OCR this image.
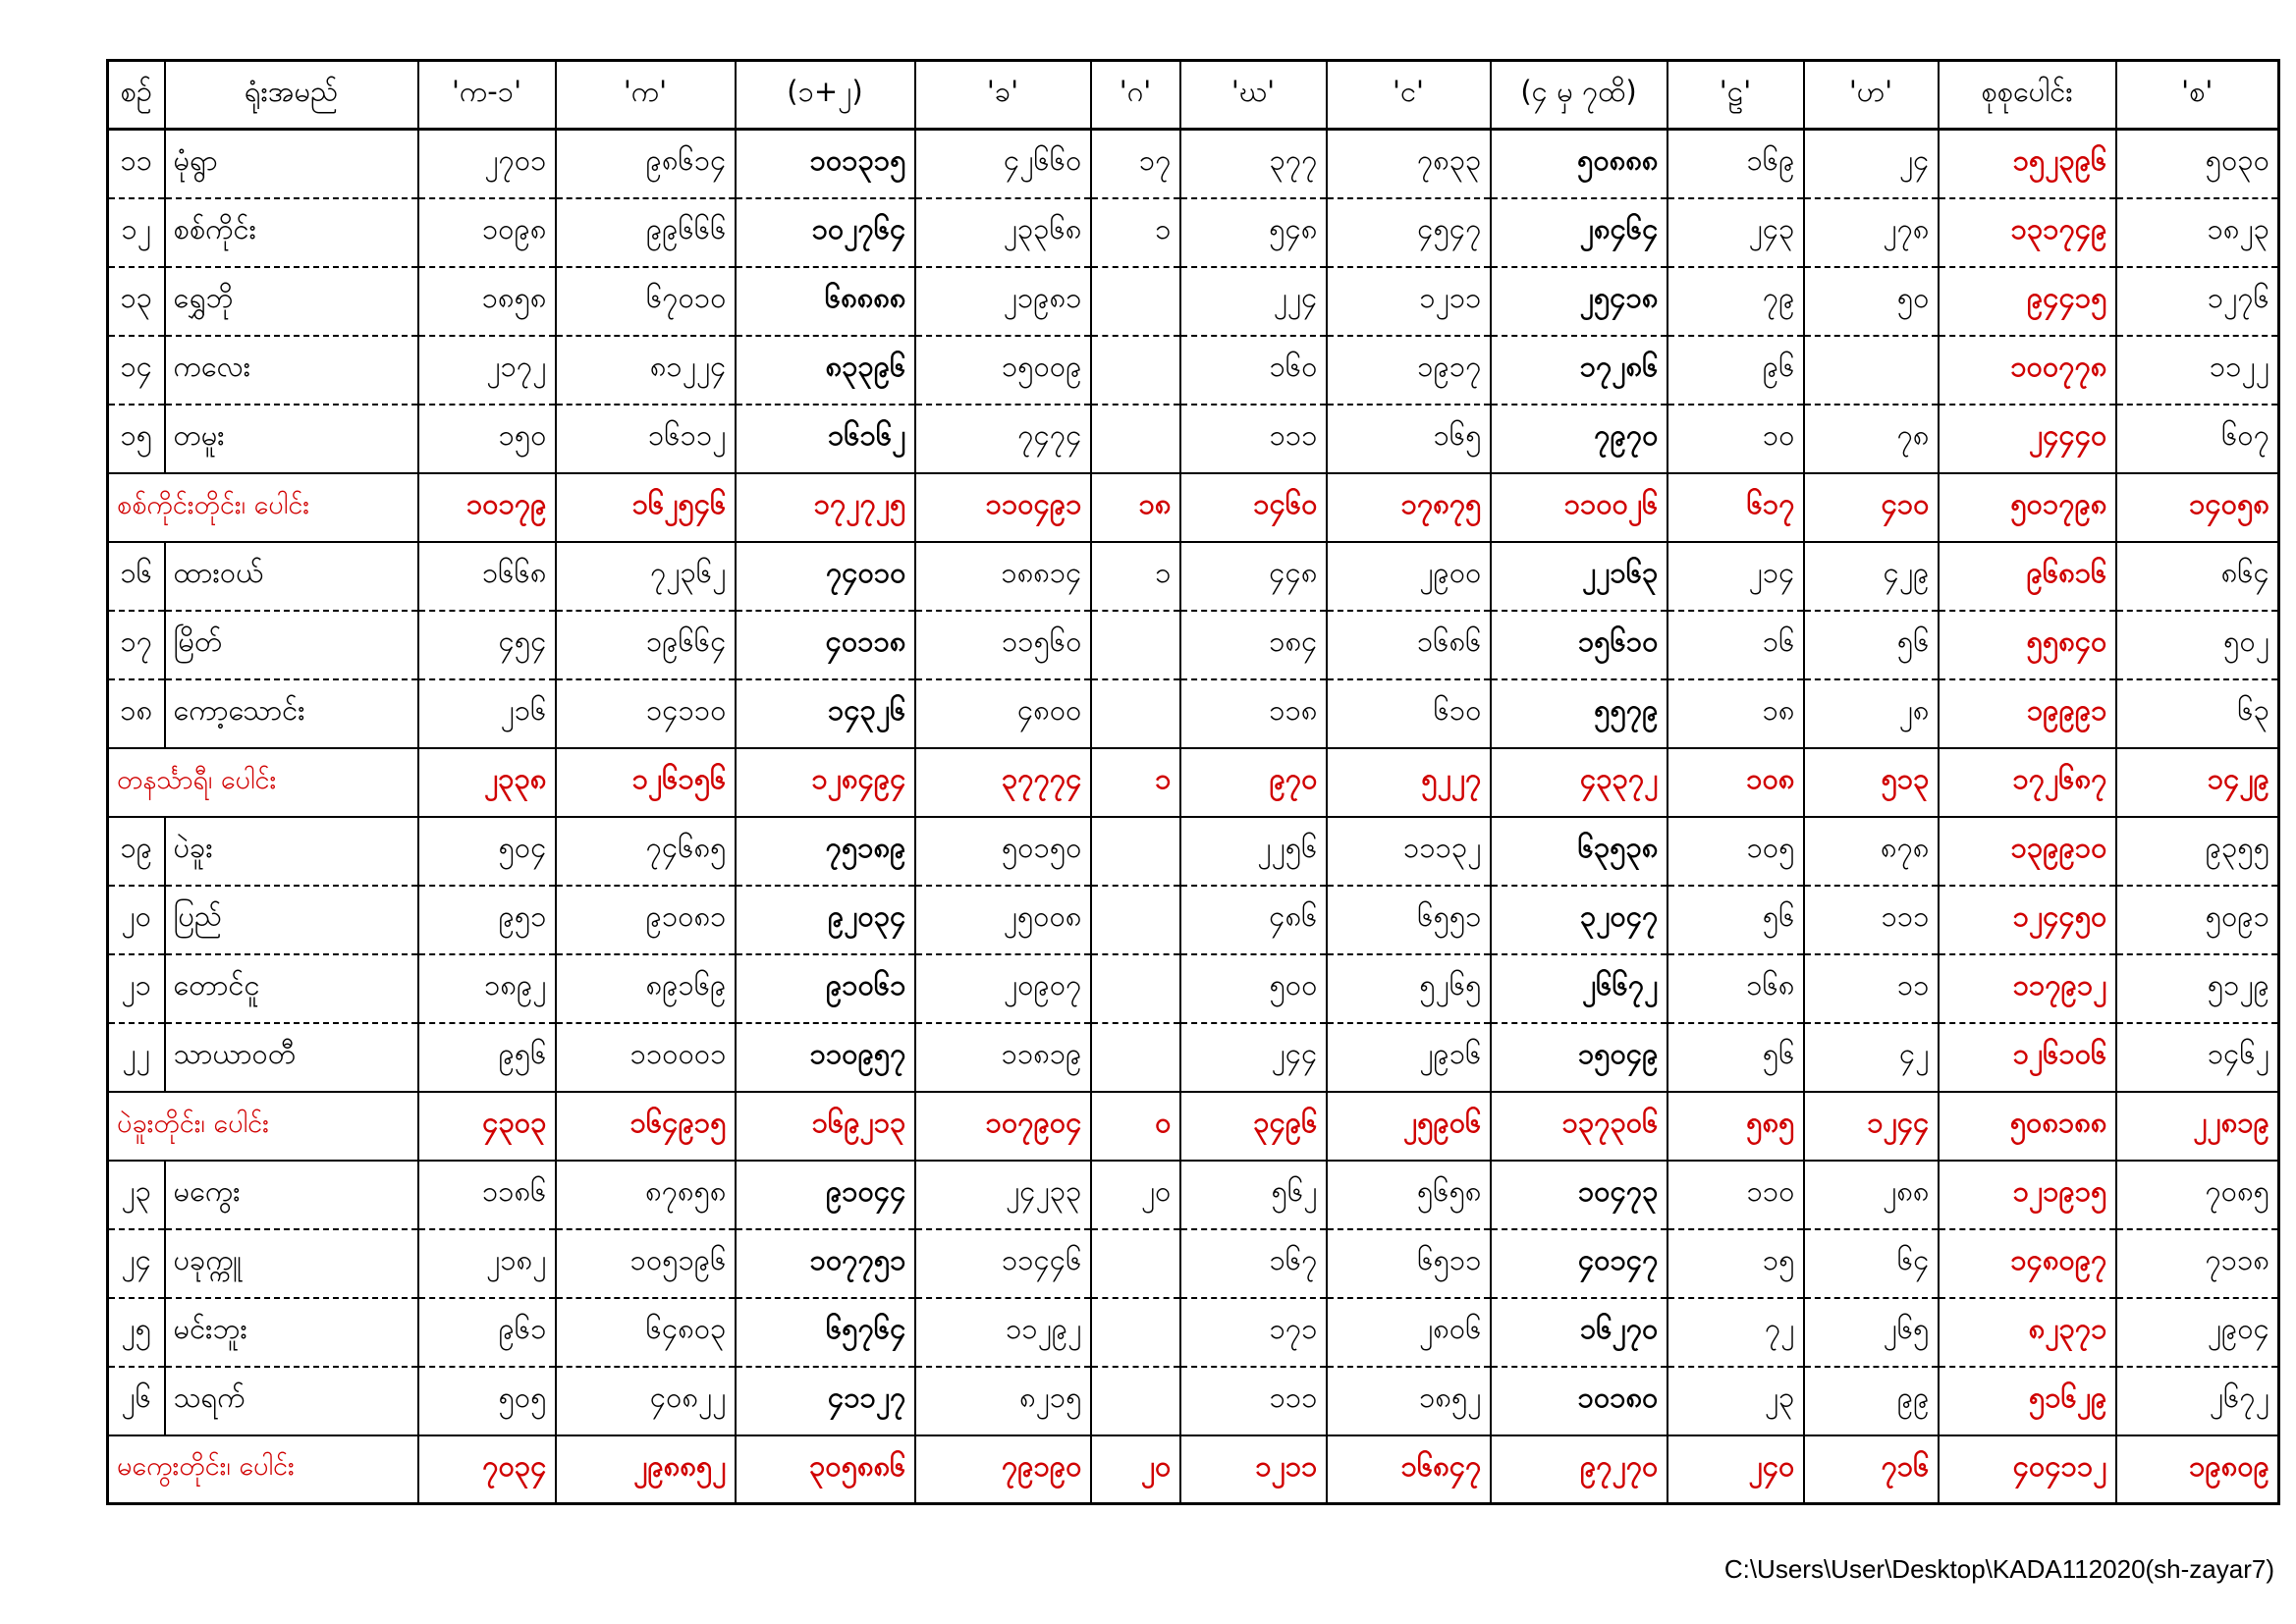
စဉ်	ရုံးအမည်	'က-၁'	'က'	(၁+၂)	'ခ'	'ဂ'	'ဃ'	'င'	(၄ မှ ၇ထိ)	'ဠ'	'ဟ'	စုစုပေါင်း	'စ'
၁၁	မုံရွာ	၂၇၀၁	၉၈၆၁၄	၁၀၁၃၁၅	၄၂၆၆၀	၁၇	၃၇၇	၇၈၃၃	၅၀၈၈၈	၁၆၉	၂၄	၁၅၂၃၉၆	၅၀၃၀
၁၂	စစ်ကိုင်း	၁၀၉၈	၉၉၆၆၆	၁၀၂၇၆၄	၂၃၃၆၈	၁	၅၄၈	၄၅၄၇	၂၈၄၆၄	၂၄၃	၂၇၈	၁၃၁၇၄၉	၁၈၂၃
၁၃	ရွှေဘို	၁၈၅၈	၆၇၀၁၀	၆၈၈၈၈	၂၁၉၈၁		၂၂၄	၁၂၁၁	၂၅၄၁၈	၇၉	၅၀	၉၄၄၁၅	၁၂၇၆
၁၄	ကလေး	၂၁၇၂	၈၁၂၂၄	၈၃၃၉၆	၁၅၀၀၉		၁၆၀	၁၉၁၇	၁၇၂၈၆	၉၆		၁၀၀၇၇၈	၁၁၂၂
၁၅	တမူး	၁၅၀	၁၆၁၁၂	၁၆၁၆၂	၇၄၇၄		၁၁၁	၁၆၅	၇၉၇၀	၁၀	၇၈	၂၄၄၄၀	၆၀၇
စစ်ကိုင်းတိုင်း၊ ပေါင်း		၁၀၁၇၉	၁၆၂၅၄၆	၁၇၂၇၂၅	၁၁၀၄၉၁	၁၈	၁၄၆၀	၁၇၈၇၅	၁၁၀၀၂၆	၆၁၇	၄၁၀	၅၀၁၇၉၈	၁၄၀၅၈
၁၆	ထားဝယ်	၁၆၆၈	၇၂၃၆၂	၇၄၀၁၀	၁၈၈၁၄	၁	၄၄၈	၂၉၀၀	၂၂၁၆၃	၂၁၄	၄၂၉	၉၆၈၁၆	၈၆၄
၁၇	မြိတ်	၄၅၄	၁၉၆၆၄	၄၀၁၁၈	၁၁၅၆၀		၁၈၄	၁၆၈၆	၁၅၆၁၀	၁၆	၅၆	၅၅၈၄၀	၅၀၂
၁၈	ကော့သောင်း	၂၁၆	၁၄၁၁၀	၁၄၃၂၆	၄၈၀၀		၁၁၈	၆၁၀	၅၅၇၉	၁၈	၂၈	၁၉၉၉၁	၆၃
တနင်္သာရီ၊ ပေါင်း		၂၃၃၈	၁၂၆၁၅၆	၁၂၈၄၉၄	၃၇၇၇၄	၁	၉၇၀	၅၂၂၇	၄၃၃၇၂	၁၀၈	၅၁၃	၁၇၂၆၈၇	၁၄၂၉
၁၉	ပဲခူး	၅၀၄	၇၄၆၈၅	၇၅၁၈၉	၅၀၁၅၀		၂၂၅၆	၁၁၁၃၂	၆၃၅၃၈	၁၀၅	၈၇၈	၁၃၉၉၁၀	၉၃၅၅
၂၀	ပြည်	၉၅၁	၉၁၀၈၁	၉၂၀၃၄	၂၅၀၀၈		၄၈၆	၆၅၅၁	၃၂၀၄၇	၅၆	၁၁၁	၁၂၄၄၅၀	၅၀၉၁
၂၁	တောင်ငူ	၁၈၉၂	၈၉၁၆၉	၉၁၀၆၁	၂၀၉၀၇		၅၀၀	၅၂၆၅	၂၆၆၇၂	၁၆၈	၁၁	၁၁၇၉၁၂	၅၁၂၉
၂၂	သာယာဝတီ	၉၅၆	၁၁၀၀၀၁	၁၁၀၉၅၇	၁၁၈၁၉		၂၄၄	၂၉၁၆	၁၅၀၄၉	၅၆	၄၂	၁၂၆၁၀၆	၁၄၆၂
ပဲခူးတိုင်း၊ ပေါင်း		၄၃၀၃	၁၆၄၉၁၅	၁၆၉၂၁၃	၁၀၇၉၀၄	၀	၃၄၉၆	၂၅၉၀၆	၁၃၇၃၀၆	၅၈၅	၁၂၄၄	၅၀၈၁၈၈	၂၂၈၁၉
၂၃	မကွေး	၁၁၈၆	၈၇၈၅၈	၉၁၀၄၄	၂၄၂၃၃	၂၀	၅၆၂	၅၆၅၈	၁၀၄၇၃	၁၁၀	၂၈၈	၁၂၁၉၁၅	၇၀၈၅
၂၄	ပခုက္ကူ	၂၁၈၂	၁၀၅၁၉၆	၁၀၇၇၅၁	၁၁၄၄၆		၁၆၇	၆၅၁၁	၄၀၁၄၇	၁၅	၆၄	၁၄၈၀၉၇	၇၁၁၈
၂၅	မင်းဘူး	၉၆၁	၆၄၈၀၃	၆၅၇၆၄	၁၁၂၉၂		၁၇၁	၂၈၀၆	၁၆၂၇၀	၇၂	၂၆၅	၈၂၃၇၁	၂၉၀၄
၂၆	သရက်	၅၀၅	၄၀၈၂၂	၄၁၁၂၇	၈၂၁၅		၁၁၁	၁၈၅၂	၁၀၁၈၀	၂၃	၉၉	၅၁၆၂၉	၂၆၇၂
မကွေးတိုင်း၊ ပေါင်း		၇၀၃၄	၂၉၈၈၅၂	၃၀၅၈၈၆	၇၉၁၉၀	၂၀	၁၂၁၁	၁၆၈၄၇	၉၇၂၇၀	၂၄၀	၇၁၆	၄၀၄၁၁၂	၁၉၈၀၉
C:\Users\User\Desktop\KADA112020(sh-zayar7)
